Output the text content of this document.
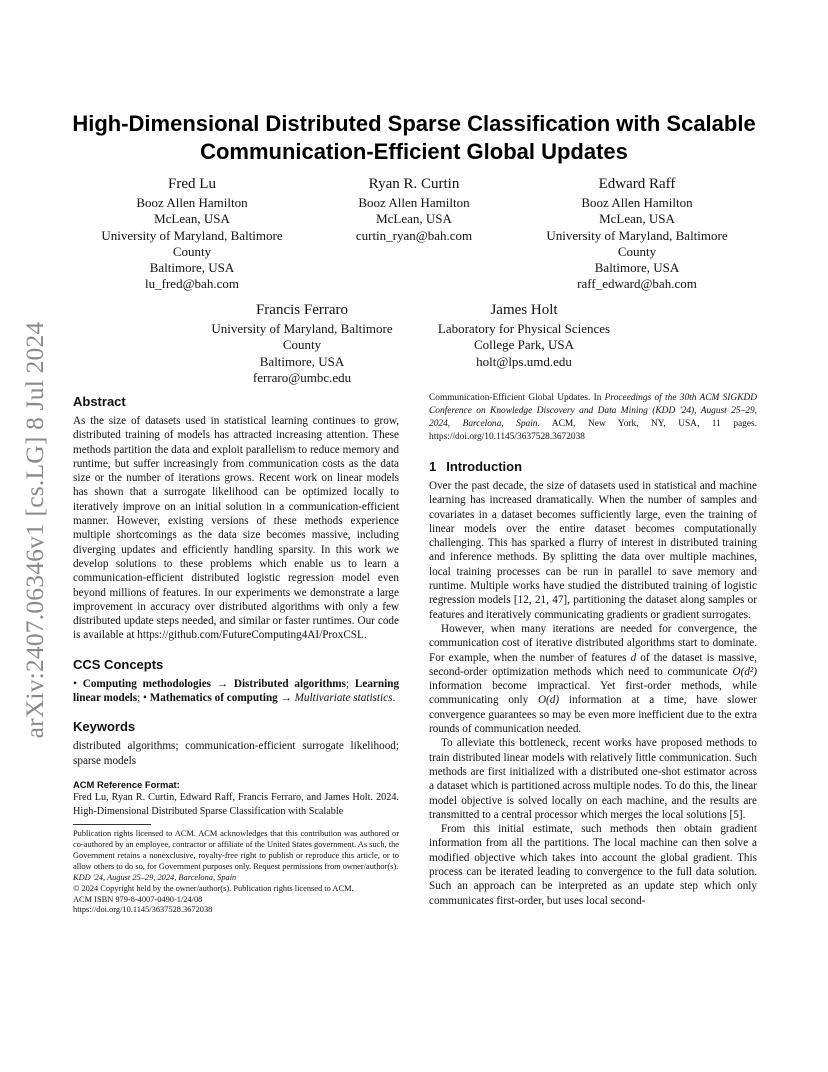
arXiv:2407.06346v1 [cs.LG] 8 Jul 2024
High-Dimensional Distributed Sparse Classification with Scalable
Communication-Efficient Global Updates
Fred Lu
Booz Allen Hamilton
McLean, USA
University of Maryland, Baltimore
County
Baltimore, USA
lu_fred@bah.com
Ryan R. Curtin
Booz Allen Hamilton
McLean, USA
curtin_ryan@bah.com
Edward Raff
Booz Allen Hamilton
McLean, USA
University of Maryland, Baltimore
County
Baltimore, USA
raff_edward@bah.com
Francis Ferraro
University of Maryland, Baltimore
County
Baltimore, USA
ferraro@umbc.edu
James Holt
Laboratory for Physical Sciences
College Park, USA
holt@lps.umd.edu
Abstract

As the size of datasets used in statistical learning continues to grow, distributed training of models has attracted increasing attention. These methods partition the data and exploit parallelism to reduce memory and runtime, but suffer increasingly from communication costs as the data size or the number of iterations grows. Recent work on linear models has shown that a surrogate likelihood can be optimized locally to iteratively improve on an initial solution in a communication-efficient manner. However, existing versions of these methods experience multiple shortcomings as the data size becomes massive, including diverging updates and efficiently handling sparsity. In this work we develop solutions to these problems which enable us to learn a communication-efficient distributed logistic regression model even beyond millions of features. In our experiments we demonstrate a large improvement in accuracy over distributed algorithms with only a few distributed update steps needed, and similar or faster runtimes. Our code is available at https://github.com/FutureComputing4AI/ProxCSL.

CCS Concepts

• Computing methodologies → Distributed algorithms; Learning linear models; • Mathematics of computing → Multivariate statistics.

Keywords

distributed algorithms; communication-efficient surrogate likelihood; sparse models

ACM Reference Format:

Fred Lu, Ryan R. Curtin, Edward Raff, Francis Ferraro, and James Holt. 2024. High-Dimensional Distributed Sparse Classification with Scalable

Publication rights licensed to ACM. ACM acknowledges that this contribution was authored or co-authored by an employee, contractor or affiliate of the United States government. As such, the Government retains a nonexclusive, royalty-free right to publish or reproduce this article, or to allow others to do so, for Government purposes only. Request permissions from owner/author(s).

KDD '24, August 25–29, 2024, Barcelona, Spain

© 2024 Copyright held by the owner/author(s). Publication rights licensed to ACM.

ACM ISBN 979-8-4007-0490-1/24/08

https://doi.org/10.1145/3637528.3672038

Communication-Efficient Global Updates. In Proceedings of the 30th ACM SIGKDD Conference on Knowledge Discovery and Data Mining (KDD '24), August 25–29, 2024, Barcelona, Spain. ACM, New York, NY, USA, 11 pages. https://doi.org/10.1145/3637528.3672038

1 Introduction

Over the past decade, the size of datasets used in statistical and machine learning has increased dramatically. When the number of samples and covariates in a dataset becomes sufficiently large, even the training of linear models over the entire dataset becomes computationally challenging. This has sparked a flurry of interest in distributed training and inference methods. By splitting the data over multiple machines, local training processes can be run in parallel to save memory and runtime. Multiple works have studied the distributed training of logistic regression models [12, 21, 47], partitioning the dataset along samples or features and iteratively communicating gradients or gradient surrogates.

However, when many iterations are needed for convergence, the communication cost of iterative distributed algorithms start to dominate. For example, when the number of features d of the dataset is massive, second-order optimization methods which need to communicate O(d²) information become impractical. Yet first-order methods, while communicating only O(d) information at a time, have slower convergence guarantees so may be even more inefficient due to the extra rounds of communication needed.

To alleviate this bottleneck, recent works have proposed methods to train distributed linear models with relatively little communication. Such methods are first initialized with a distributed one-shot estimator across a dataset which is partitioned across multiple nodes. To do this, the linear model objective is solved locally on each machine, and the results are transmitted to a central processor which merges the local solutions [5].

From this initial estimate, such methods then obtain gradient information from all the partitions. The local machine can then solve a modified objective which takes into account the global gradient. This process can be iterated leading to convergence to the full data solution. Such an approach can be interpreted as an update step which only communicates first-order, but uses local second-
